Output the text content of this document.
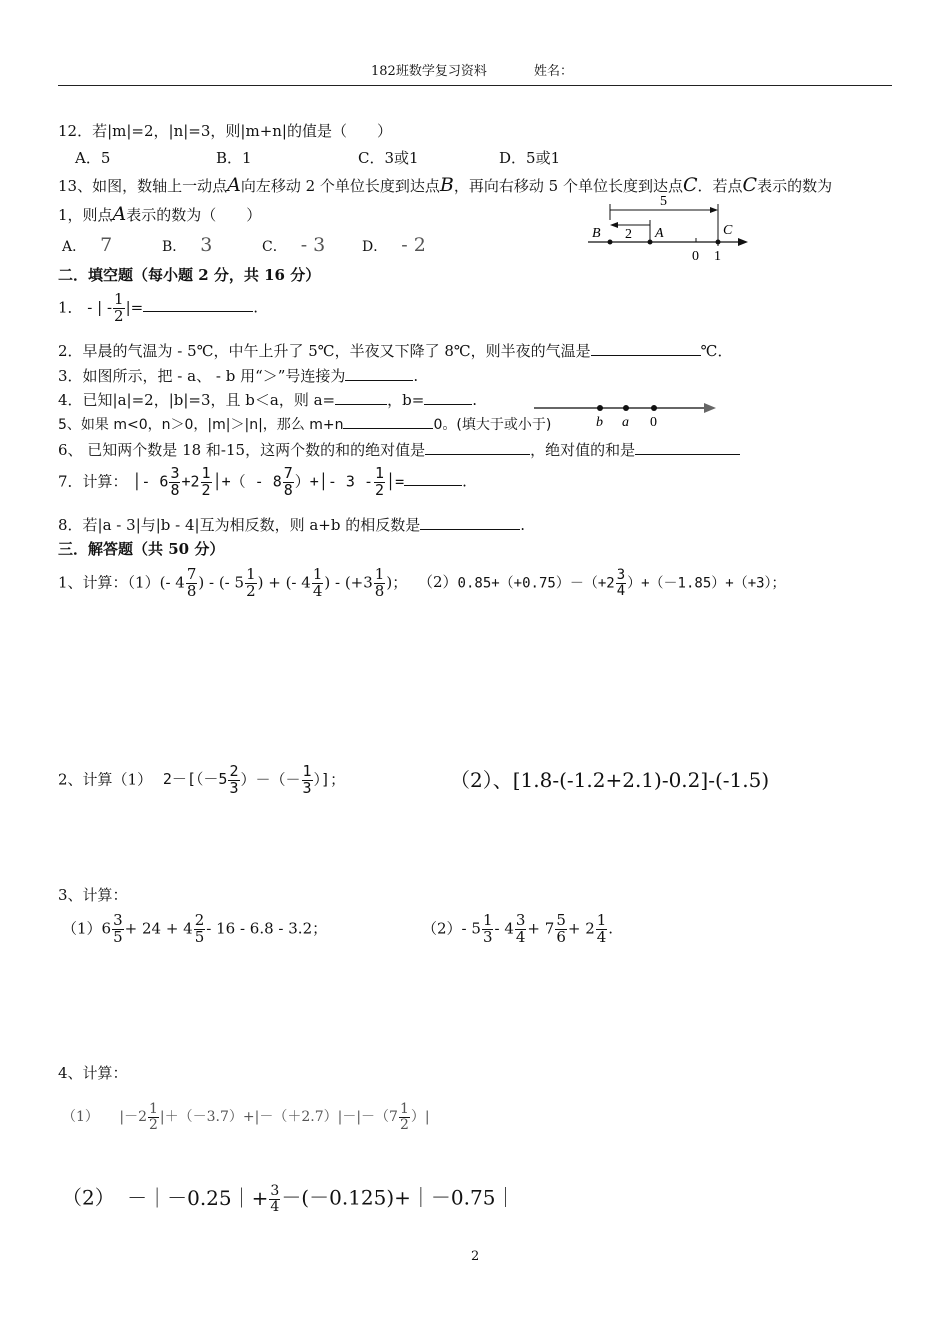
182班数学复习资料	姓名：
12．若|m|=2，|n|=3，则|m+n|的值是（　　）
A．5	B．1	C．3或1	D．5或1
13、如图，数轴上一动点A向左移动 2 个单位长度到达点B，再向右移动 5 个单位长度到达点C．若点C表示的数为
1，则点A表示的数为（　　）
A． 7	B． 3	C． - 3	D． - 2
5
2
B	A	C
0 1
二．填空题（每小题 2 分，共 16 分）
1． - | - $\frac{1}{2}$ |=	.
2．早晨的气温为 - 5℃，中午上升了 5℃，半夜又下降了 8℃，则半夜的气温是	℃．
3．如图所示，把 - a、 - b 用“＞”号连接为	.
4．已知|a|=2，|b|=3，且 b＜a，则 a=	，b=	.
b a 0
5、如果 m<0，n＞0，|m|＞|n|，那么 m+n	0。(填大于或小于)
6、 已知两个数是 18 和-15，这两个数的和的绝对值是	，绝对值的和是
7．计算： │- $6 \frac{3}{8} +2 \frac{1}{2}$ │+（ - $8 \frac{7}{8}$ ）+│- $3 - \frac{1}{2}$ │=	.
8．若|a - 3|与|b - 4|互为相反数，则 a+b 的相反数是	.
三．解答题（共 50 分）
1、计算：（1）(- $4 \frac{7}{8}$ ) - (- $5 \frac{1}{2}$ ) + (- $4 \frac{1}{4}$ ) - ($+3 \frac{1}{8}$ )； $(2)0.85+(+0.75)-(+2 \frac{3}{4} )+(-1.85)+(+3)$；
2、计算（1） $2-[(-5 \frac{2}{3}$ ）－（－ $\frac{1}{3}$ ）]；	（2）、[1.8-(-1.2+2.1)-0.2]-(-1.5)
3、计算：
$(1)6 \frac{3}{5} + 24 + 4 \frac{2}{5} - 16 - 6.8 - 3.2$；	（2）- $5 \frac{1}{3} - 4 \frac{3}{4} + 7 \frac{5}{6} + 2 \frac{1}{4}$ .
4、计算：
（1） $|-2 \frac{1}{2} |+(-3.7)+|-(+2.7)|-|-(7 \frac{1}{2}$ ）|
（2） －｜－0.25｜+ $\frac{3}{4}$ －(－0.125)+｜－0.75｜
2
